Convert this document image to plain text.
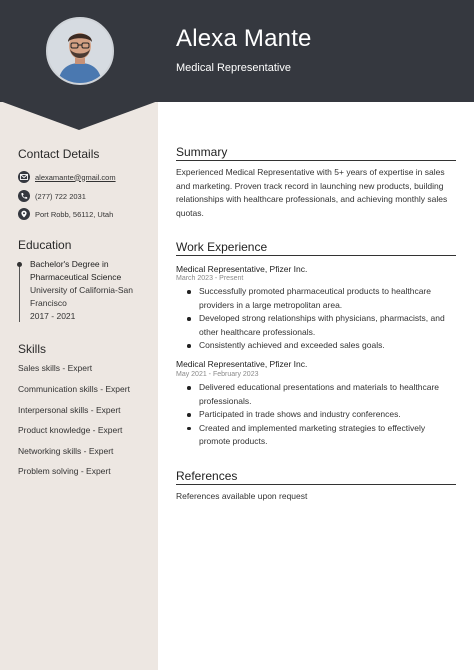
Alexa Mante
Medical Representative
Contact Details
alexamante@gmail.com
(277) 722 2031
Port Robb, 56112, Utah
Education
Bachelor's Degree in Pharmaceutical Science
University of California-San Francisco
2017 - 2021
Skills
Sales skills - Expert
Communication skills - Expert
Interpersonal skills - Expert
Product knowledge - Expert
Networking skills - Expert
Problem solving - Expert
Summary
Experienced Medical Representative with 5+ years of expertise in sales and marketing. Proven track record in launching new products, building relationships with healthcare professionals, and achieving monthly sales quotas.
Work Experience
Medical Representative, Pfizer Inc.
March 2023 - Present
Successfully promoted pharmaceutical products to healthcare providers in a large metropolitan area.
Developed strong relationships with physicians, pharmacists, and other healthcare professionals.
Consistently achieved and exceeded sales goals.
Medical Representative, Pfizer Inc.
May 2021 - February 2023
Delivered educational presentations and materials to healthcare professionals.
Participated in trade shows and industry conferences.
Created and implemented marketing strategies to effectively promote products.
References
References available upon request
